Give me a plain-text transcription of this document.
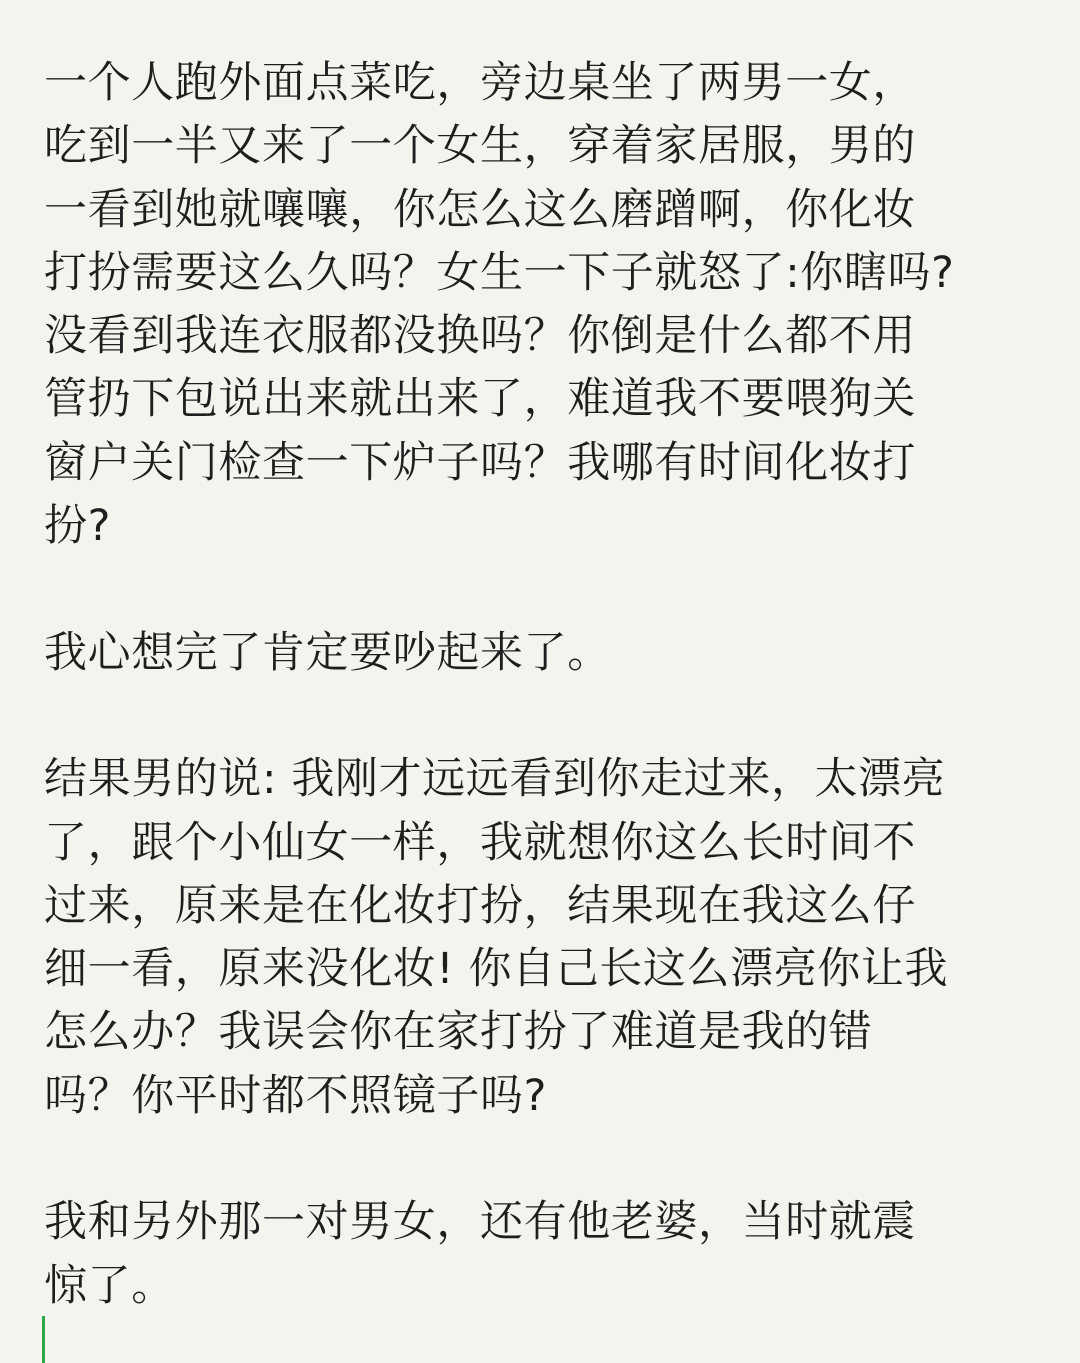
一个人跑外面点菜吃，旁边桌坐了两男一女，
吃到一半又来了一个女生，穿着家居服，男的
一看到她就嚷嚷，你怎么这么磨蹭啊，你化妆
打扮需要这么久吗？女生一下子就怒了:你瞎吗?
没看到我连衣服都没换吗？你倒是什么都不用
管扔下包说出来就出来了，难道我不要喂狗关
窗户关门检查一下炉子吗？我哪有时间化妆打
扮?
我心想完了肯定要吵起来了。
结果男的说: 我刚才远远看到你走过来，太漂亮
了，跟个小仙女一样，我就想你这么长时间不
过来，原来是在化妆打扮，结果现在我这么仔
细一看，原来没化妆! 你自己长这么漂亮你让我
怎么办？我误会你在家打扮了难道是我的错
吗？你平时都不照镜子吗?
我和另外那一对男女，还有他老婆，当时就震
惊了。
